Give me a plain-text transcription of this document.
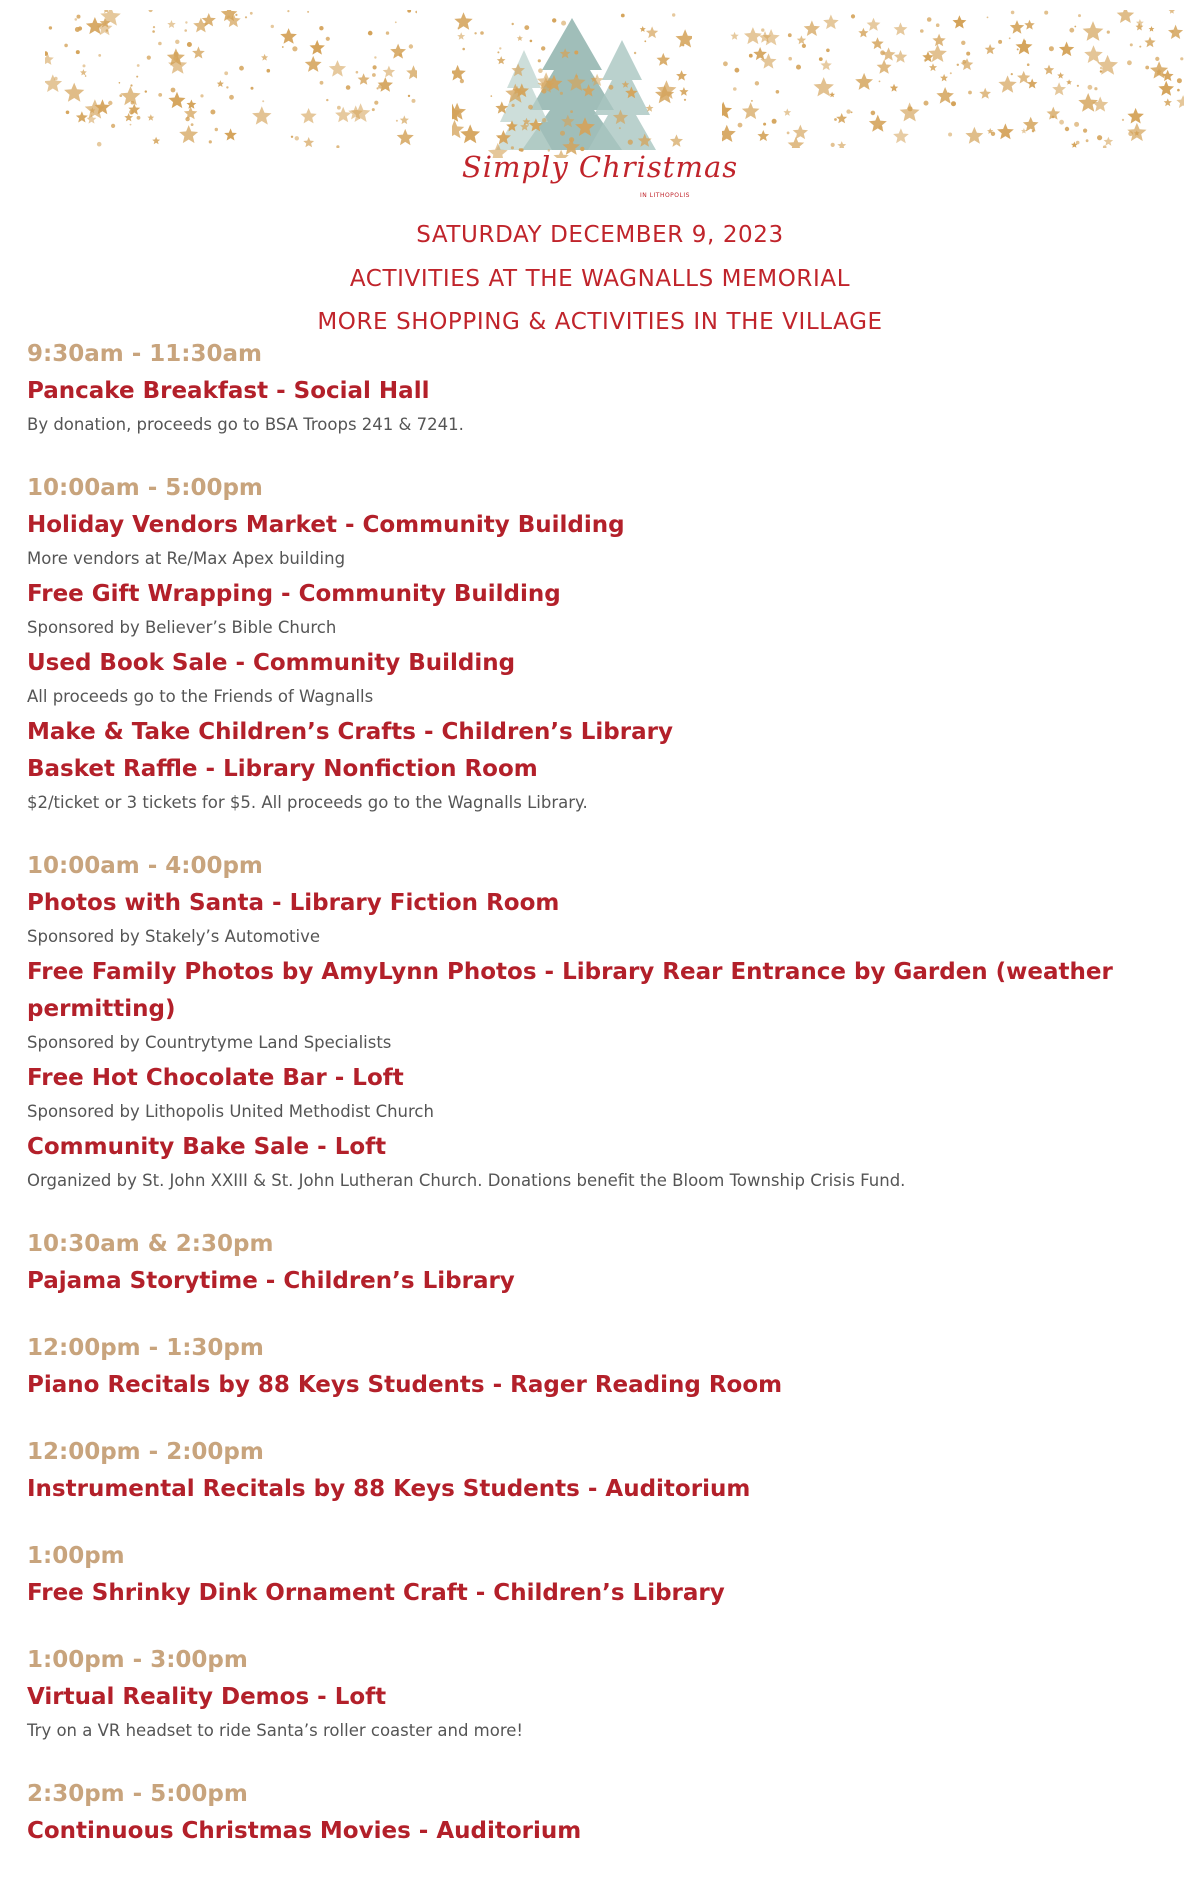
Simply Christmas
IN LITHOPOLIS
SATURDAY DECEMBER 9, 2023
ACTIVITIES AT THE WAGNALLS MEMORIAL
MORE SHOPPING & ACTIVITIES IN THE VILLAGE
9:30am - 11:30am
Pancake Breakfast - Social Hall
By donation, proceeds go to BSA Troops 241 & 7241.
10:00am - 5:00pm
Holiday Vendors Market - Community Building
More vendors at Re/Max Apex building
Free Gift Wrapping - Community Building
Sponsored by Believer’s Bible Church
Used Book Sale - Community Building
All proceeds go to the Friends of Wagnalls
Make & Take Children’s Crafts - Children’s Library
Basket Raffle - Library Nonfiction Room
$2/ticket or 3 tickets for $5. All proceeds go to the Wagnalls Library.
10:00am - 4:00pm
Photos with Santa - Library Fiction Room
Sponsored by Stakely’s Automotive
Free Family Photos by AmyLynn Photos - Library Rear Entrance by Garden (weather permitting)
Sponsored by Countrytyme Land Specialists
Free Hot Chocolate Bar - Loft
Sponsored by Lithopolis United Methodist Church
Community Bake Sale - Loft
Organized by St. John XXIII & St. John Lutheran Church. Donations benefit the Bloom Township Crisis Fund.
10:30am & 2:30pm
Pajama Storytime - Children’s Library
12:00pm - 1:30pm
Piano Recitals by 88 Keys Students - Rager Reading Room
12:00pm - 2:00pm
Instrumental Recitals by 88 Keys Students - Auditorium
1:00pm
Free Shrinky Dink Ornament Craft - Children’s Library
1:00pm - 3:00pm
Virtual Reality Demos - Loft
Try on a VR headset to ride Santa’s roller coaster and more!
2:30pm - 5:00pm
Continuous Christmas Movies - Auditorium
